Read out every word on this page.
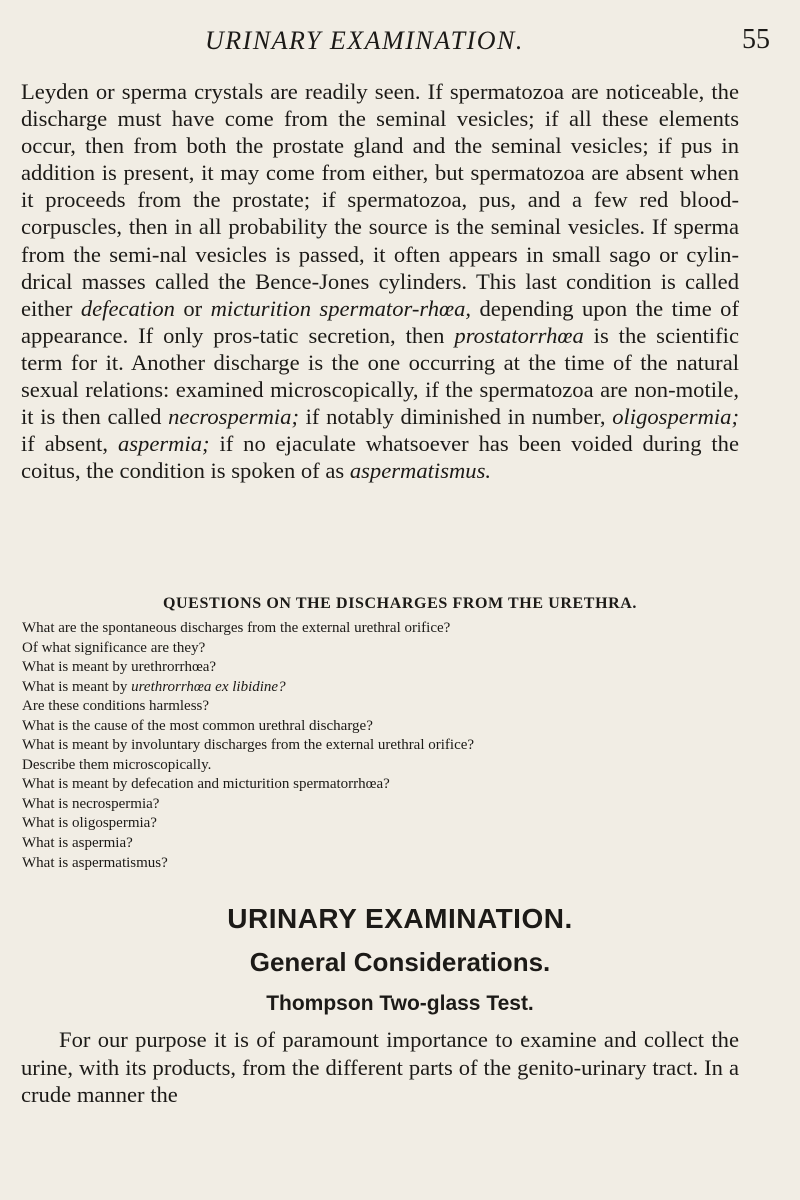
URINARY EXAMINATION.	55

Leyden or sperma crystals are readily seen. If spermatozoa are noticeable, the discharge must have come from the seminal vesicles; if all these elements occur, then from both the prostate gland and the seminal vesicles; if pus in addition is present, it may come from either, but spermatozoa are absent when it proceeds from the prostate; if spermatozoa, pus, and a few red blood-corpuscles, then in all probability the source is the seminal vesicles. If sperma from the semi-nal vesicles is passed, it often appears in small sago or cylin-drical masses called the Bence-Jones cylinders. This last condition is called either defecation or micturition spermator-rhœa, depending upon the time of appearance. If only pros-tatic secretion, then prostatorrhœa is the scientific term for it. Another discharge is the one occurring at the time of the natural sexual relations: examined microscopically, if the spermatozoa are non-motile, it is then called necrospermia; if notably diminished in number, oligospermia; if absent, aspermia; if no ejaculate whatsoever has been voided during the coitus, the condition is spoken of as aspermatismus.

QUESTIONS ON THE DISCHARGES FROM THE URETHRA.
What are the spontaneous discharges from the external urethral orifice?
Of what significance are they?
What is meant by urethrorrhœa?
What is meant by urethrorrhœa ex libidine?
Are these conditions harmless?
What is the cause of the most common urethral discharge?
What is meant by involuntary discharges from the external urethral orifice?
Describe them microscopically.
What is meant by defecation and micturition spermatorrhœa?
What is necrospermia?
What is oligospermia?
What is aspermia?
What is aspermatismus?
URINARY EXAMINATION.
General Considerations.
Thompson Two-glass Test.

For our purpose it is of paramount importance to examine and collect the urine, with its products, from the different parts of the genito-urinary tract. In a crude manner the
